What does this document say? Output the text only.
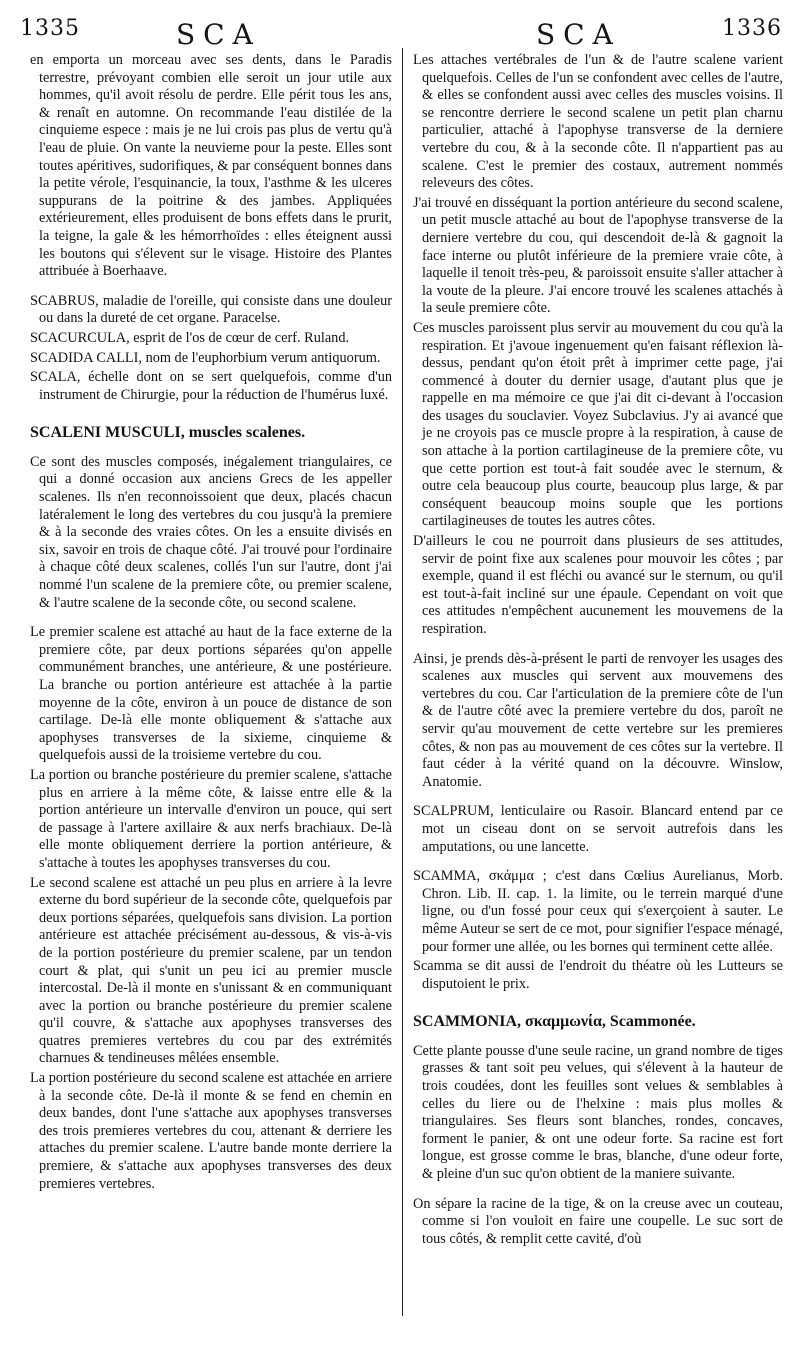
1335	SCA	SCA	1336

en emporta un morceau avec ses dents, dans le Paradis terrestre, prévoyant combien elle seroit un jour utile aux hommes, qu'il avoit résolu de perdre. Elle périt tous les ans, & renaît en automne. On recommande l'eau distilée de la cinquieme espece : mais je ne lui crois pas plus de vertu qu'à l'eau de pluie. On vante la neuvieme pour la peste. Elles sont toutes apéritives, sudorifiques, & par conséquent bonnes dans la petite vérole, l'esquinancie, la toux, l'asthme & les ulceres suppurans de la poitrine & des jambes. Appliquées extérieurement, elles produisent de bons effets dans le prurit, la teigne, la gale & les hémorrhoïdes : elles éteignent aussi les boutons qui s'élevent sur le visage. Histoire des Plantes attribuée à Boerhaave.

SCABRUS, maladie de l'oreille, qui consiste dans une douleur ou dans la dureté de cet organe. Paracelse.

SCACURCULA, esprit de l'os de cœur de cerf. Ruland.

SCADIDA CALLI, nom de l'euphorbium verum antiquorum.

SCALA, échelle dont on se sert quelquefois, comme d'un instrument de Chirurgie, pour la réduction de l'humérus luxé.

SCALENI MUSCULI, muscles scalenes.

Ce sont des muscles composés, inégalement triangulaires, ce qui a donné occasion aux anciens Grecs de les appeller scalenes. Ils n'en reconnoissoient que deux, placés chacun latéralement le long des vertebres du cou jusqu'à la premiere & à la seconde des vraies côtes. On les a ensuite divisés en six, savoir en trois de chaque côté. J'ai trouvé pour l'ordinaire à chaque côté deux scalenes, collés l'un sur l'autre, dont j'ai nommé l'un scalene de la premiere côte, ou premier scalene, & l'autre scalene de la seconde côte, ou second scalene.

Le premier scalene est attaché au haut de la face externe de la premiere côte, par deux portions séparées qu'on appelle communément branches, une antérieure, & une postérieure. La branche ou portion antérieure est attachée à la partie moyenne de la côte, environ à un pouce de distance de son cartilage. De-là elle monte obliquement & s'attache aux apophyses transverses de la sixieme, cinquieme & quelquefois aussi de la troisieme vertebre du cou.

La portion ou branche postérieure du premier scalene, s'attache plus en arriere à la même côte, & laisse entre elle & la portion antérieure un intervalle d'environ un pouce, qui sert de passage à l'artere axillaire & aux nerfs brachiaux. De-là elle monte obliquement derriere la portion antérieure, & s'attache à toutes les apophyses transverses du cou.

Le second scalene est attaché un peu plus en arriere à la levre externe du bord supérieur de la seconde côte, quelquefois par deux portions séparées, quelquefois sans division. La portion antérieure est attachée précisément au-dessous, & vis-à-vis de la portion postérieure du premier scalene, par un tendon court & plat, qui s'unit un peu ici au premier muscle intercostal. De-là il monte en s'unissant & en communiquant avec la portion ou branche postérieure du premier scalene qu'il couvre, & s'attache aux apophyses transverses des quatres premieres vertebres du cou par des extrémités charnues & tendineuses mêlées ensemble.

La portion postérieure du second scalene est attachée en arriere à la seconde côte. De-là il monte & se fend en chemin en deux bandes, dont l'une s'attache aux apophyses transverses des trois premieres vertebres du cou, attenant & derriere les attaches du premier scalene. L'autre bande monte derriere la premiere, & s'attache aux apophyses transverses des deux premieres vertebres.

Les attaches vertébrales de l'un & de l'autre scalene varient quelquefois. Celles de l'un se confondent avec celles de l'autre, & elles se confondent aussi avec celles des muscles voisins. Il se rencontre derriere le second scalene un petit plan charnu particulier, attaché à l'apophyse transverse de la derniere vertebre du cou, & à la seconde côte. Il n'appartient pas au scalene. C'est le premier des costaux, autrement nommés releveurs des côtes.

J'ai trouvé en disséquant la portion antérieure du second scalene, un petit muscle attaché au bout de l'apophyse transverse de la derniere vertebre du cou, qui descendoit de-là & gagnoit la face interne ou plutôt inférieure de la premiere vraie côte, à laquelle il tenoit très-peu, & paroissoit ensuite s'aller attacher à la voute de la pleure. J'ai encore trouvé les scalenes attachés à la seule premiere côte.

Ces muscles paroissent plus servir au mouvement du cou qu'à la respiration. Et j'avoue ingenuement qu'en faisant réflexion là-dessus, pendant qu'on étoit prêt à imprimer cette page, j'ai commencé à douter du dernier usage, d'autant plus que je rappelle en ma mémoire ce que j'ai dit ci-devant à l'occasion des usages du souclavier. Voyez Subclavius. J'y ai avancé que je ne croyois pas ce muscle propre à la respiration, à cause de son attache à la portion cartilagineuse de la premiere côte, vu que cette portion est tout-à fait soudée avec le sternum, & outre cela beaucoup plus courte, beaucoup plus large, & par conséquent beaucoup moins souple que les portions cartilagineuses de toutes les autres côtes.

D'ailleurs le cou ne pourroit dans plusieurs de ses attitudes, servir de point fixe aux scalenes pour mouvoir les côtes ; par exemple, quand il est fléchi ou avancé sur le sternum, ou qu'il est tout-à-fait incliné sur une épaule. Cependant on voit que ces attitudes n'empêchent aucunement les mouvemens de la respiration.

Ainsi, je prends dès-à-présent le parti de renvoyer les usages des scalenes aux muscles qui servent aux mouvemens des vertebres du cou. Car l'articulation de la premiere côte de l'un & de l'autre côté avec la premiere vertebre du dos, paroît ne servir qu'au mouvement de cette vertebre sur les premieres côtes, & non pas au mouvement de ces côtes sur la vertebre. Il faut céder à la vérité quand on la découvre. Winslow, Anatomie.

SCALPRUM, lenticulaire ou Rasoir. Blancard entend par ce mot un ciseau dont on se servoit autrefois dans les amputations, ou une lancette.

SCAMMA, σκάμμα ; c'est dans Cœlius Aurelianus, Morb. Chron. Lib. II. cap. 1. la limite, ou le terrein marqué d'une ligne, ou d'un fossé pour ceux qui s'exerçoient à sauter. Le même Auteur se sert de ce mot, pour signifier l'espace ménagé, pour former une allée, ou les bornes qui terminent cette allée.

Scamma se dit aussi de l'endroit du théatre où les Lutteurs se disputoient le prix.

SCAMMONIA, σκαμμωνία, Scammonée.

Cette plante pousse d'une seule racine, un grand nombre de tiges grasses & tant soit peu velues, qui s'élevent à la hauteur de trois coudées, dont les feuilles sont velues & semblables à celles du liere ou de l'helxine : mais plus molles & triangulaires. Ses fleurs sont blanches, rondes, concaves, forment le panier, & ont une odeur forte. Sa racine est fort longue, est grosse comme le bras, blanche, d'une odeur forte, & pleine d'un suc qu'on obtient de la maniere suivante.

On sépare la racine de la tige, & on la creuse avec un couteau, comme si l'on vouloit en faire une coupelle. Le suc sort de tous côtés, & remplit cette cavité, d'où
